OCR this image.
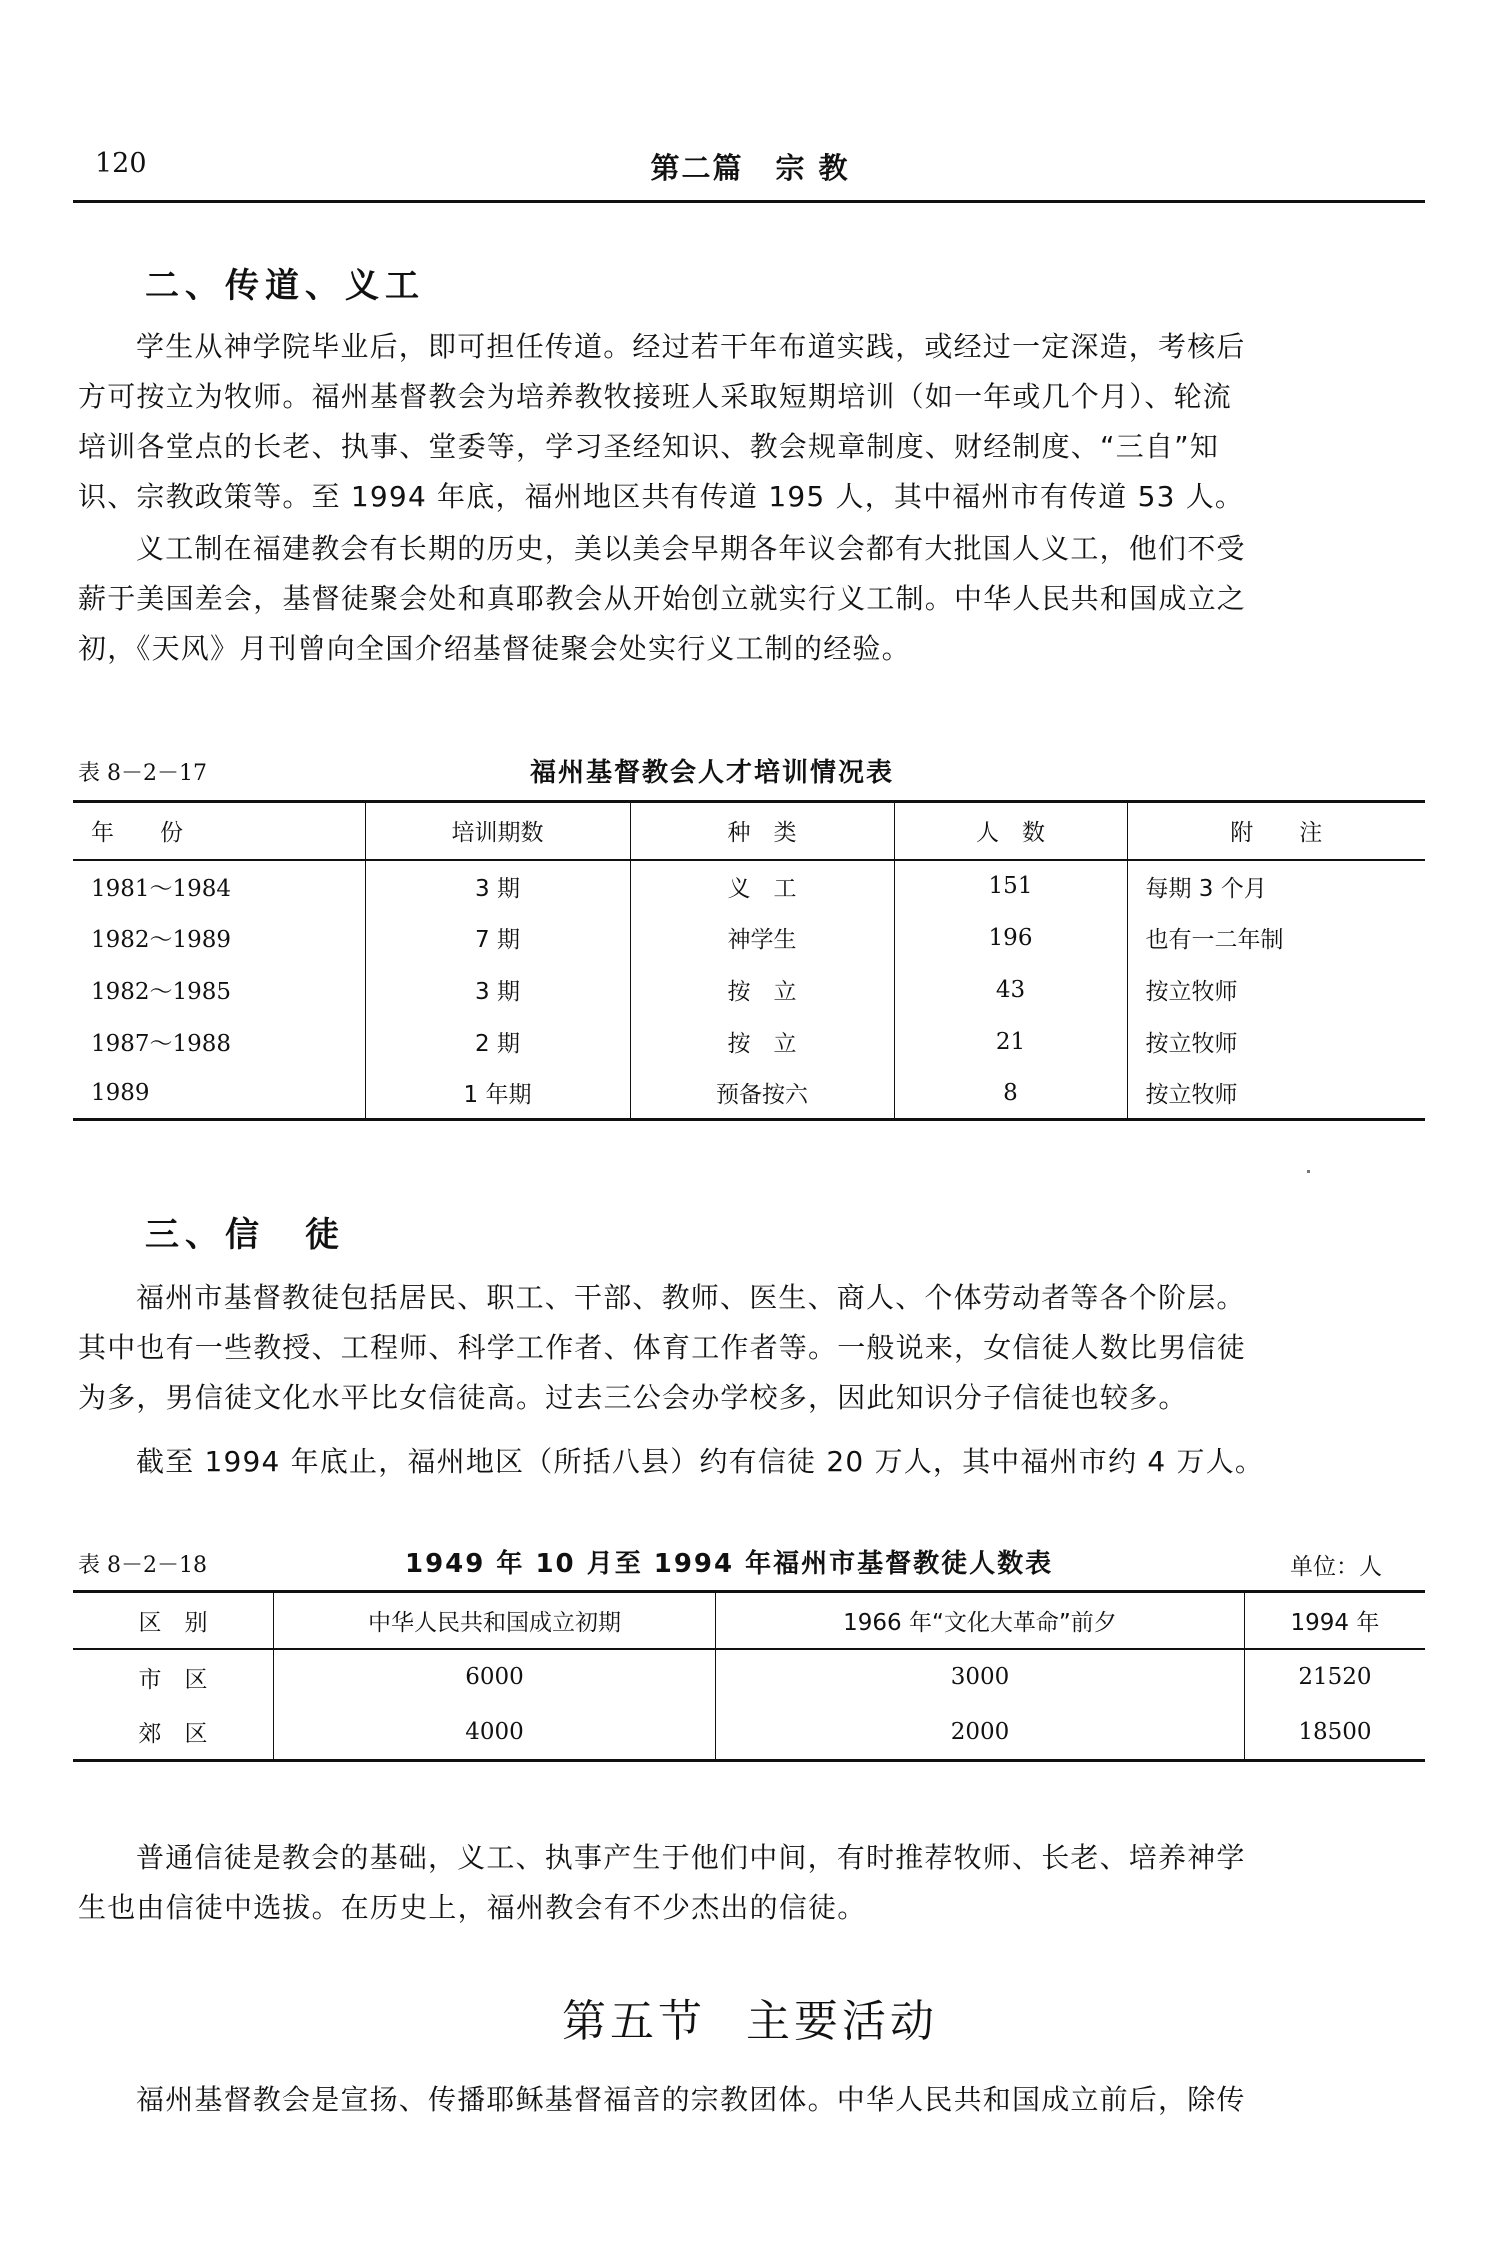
120	第二篇 宗 教
二、传道、义工
学生从神学院毕业后，即可担任传道。经过若干年布道实践，或经过一定深造，考核后
方可按立为牧师。福州基督教会为培养教牧接班人采取短期培训（如一年或几个月）、轮流
培训各堂点的长老、执事、堂委等，学习圣经知识、教会规章制度、财经制度、“三自”知
识、宗教政策等。至 1994 年底，福州地区共有传道 195 人，其中福州市有传道 53 人。
义工制在福建教会有长期的历史，美以美会早期各年议会都有大批国人义工，他们不受
薪于美国差会，基督徒聚会处和真耶教会从开始创立就实行义工制。中华人民共和国成立之
初，《天风》月刊曾向全国介绍基督徒聚会处实行义工制的经验。
表 8－2－17	福州基督教会人才培训情况表
年　　份	培训期数	种　类	人　数	附　　注
1981～1984	3 期	义　工	151	每期 3 个月
1982～1989	7 期	神学生	196	也有一二年制
1982～1985	3 期	按　立	43	按立牧师
1987～1988	2 期	按　立	21	按立牧师
1989	1 年期	预备按六	8	按立牧师
三、信　徒
福州市基督教徒包括居民、职工、干部、教师、医生、商人、个体劳动者等各个阶层。
其中也有一些教授、工程师、科学工作者、体育工作者等。一般说来，女信徒人数比男信徒
为多，男信徒文化水平比女信徒高。过去三公会办学校多，因此知识分子信徒也较多。
截至 1994 年底止，福州地区（所括八县）约有信徒 20 万人，其中福州市约 4 万人。
表 8－2－18	1949 年 10 月至 1994 年福州市基督教徒人数表	单位：人
区　别	中华人民共和国成立初期	1966 年“文化大革命”前夕	1994 年
市　区	6000	3000	21520
郊　区	4000	2000	18500
普通信徒是教会的基础，义工、执事产生于他们中间，有时推荐牧师、长老、培养神学
生也由信徒中选拔。在历史上，福州教会有不少杰出的信徒。
第五节 主要活动
福州基督教会是宣扬、传播耶稣基督福音的宗教团体。中华人民共和国成立前后，除传
